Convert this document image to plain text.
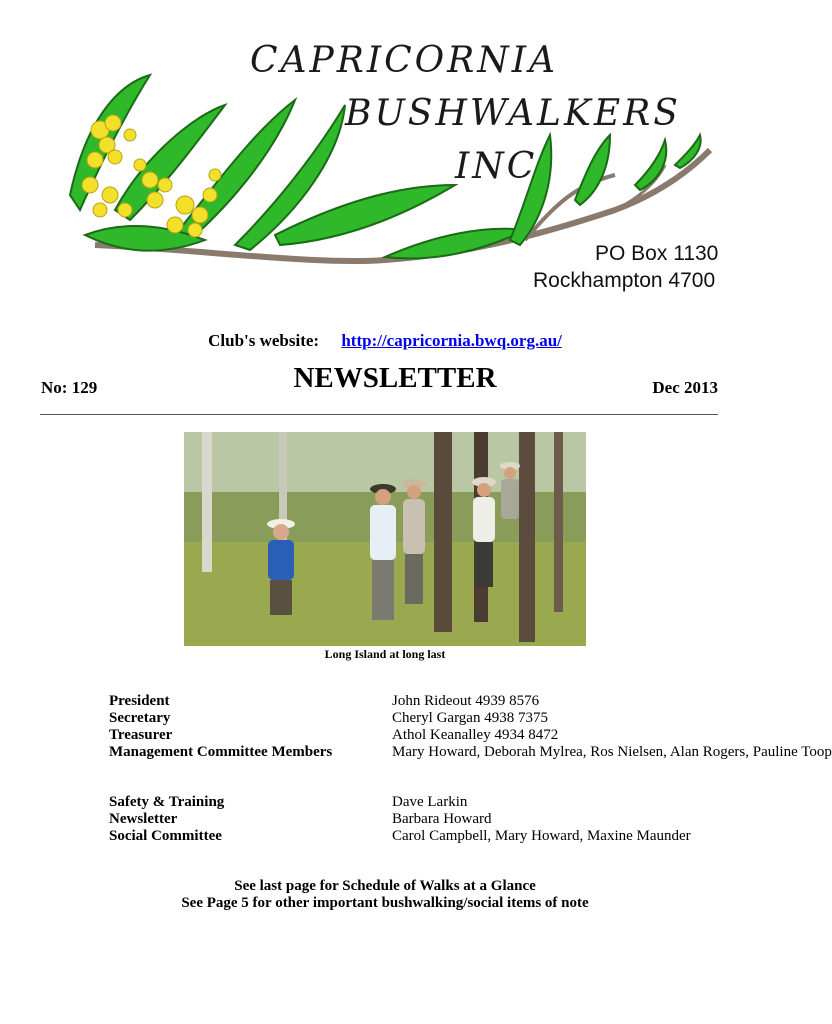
CAPRICORNIA
BUSHWALKERS
INC
PO Box 1130
Rockhampton 4700
Club's website: http://capricornia.bwq.org.au/
No: 129	NEWSLETTER	Dec 2013
Long Island at long last
President	John Rideout 4939 8576
Secretary	Cheryl Gargan 4938 7375
Treasurer	Athol Keanalley 4934 8472
Management Committee Members	Mary Howard, Deborah Mylrea, Ros Nielsen, Alan Rogers, Pauline Toop
Safety & Training	Dave Larkin
Newsletter	Barbara Howard
Social Committee	Carol Campbell, Mary Howard, Maxine Maunder
See last page for Schedule of Walks at a Glance
See Page 5 for other important bushwalking/social items of note
